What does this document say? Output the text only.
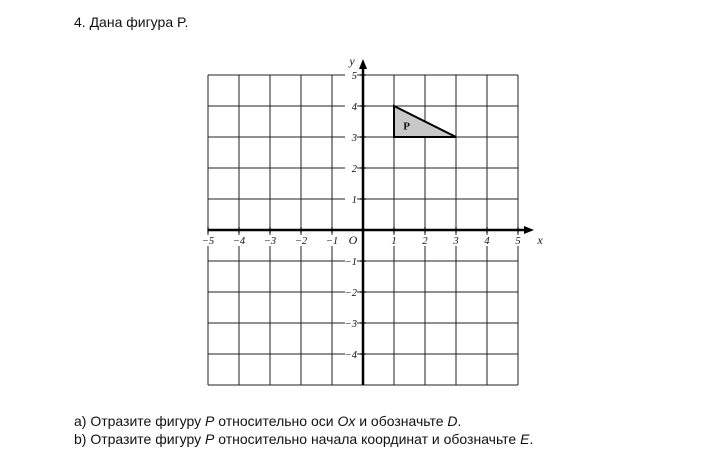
4. Дана фигура P.
P
−5 −4 −3 −2 −1	1 2 3 4 5
5
4
3
2
1
−1
−2
−3
−4
O	x
y

a) Отразите фигуру P относительно оси Ox и обозначьте D.

b) Отразите фигуру P относительно начала координат и обозначьте E.
